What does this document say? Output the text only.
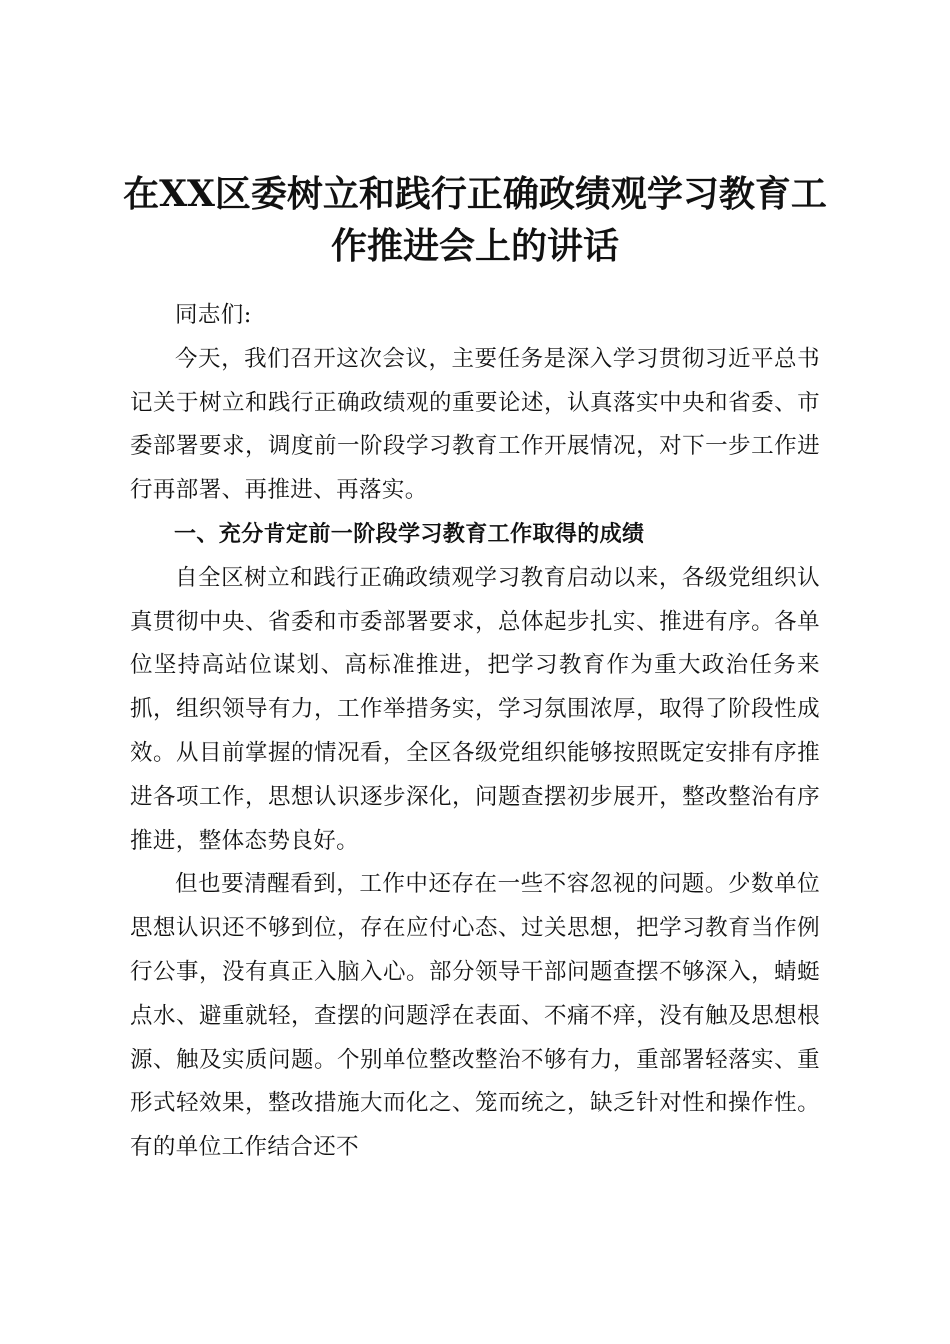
在XX区委树立和践行正确政绩观学习教育工作推进会上的讲话

同志们:

今天，我们召开这次会议，主要任务是深入学习贯彻习近平总书记关于树立和践行正确政绩观的重要论述，认真落实中央和省委、市委部署要求，调度前一阶段学习教育工作开展情况，对下一步工作进行再部署、再推进、再落实。

一、充分肯定前一阶段学习教育工作取得的成绩

自全区树立和践行正确政绩观学习教育启动以来，各级党组织认真贯彻中央、省委和市委部署要求，总体起步扎实、推进有序。各单位坚持高站位谋划、高标准推进，把学习教育作为重大政治任务来抓，组织领导有力，工作举措务实，学习氛围浓厚，取得了阶段性成效。从目前掌握的情况看，全区各级党组织能够按照既定安排有序推进各项工作，思想认识逐步深化，问题查摆初步展开，整改整治有序推进，整体态势良好。

但也要清醒看到，工作中还存在一些不容忽视的问题。少数单位思想认识还不够到位，存在应付心态、过关思想，把学习教育当作例行公事，没有真正入脑入心。部分领导干部问题查摆不够深入，蜻蜓点水、避重就轻，查摆的问题浮在表面、不痛不痒，没有触及思想根源、触及实质问题。个别单位整改整治不够有力，重部署轻落实、重形式轻效果，整改措施大而化之、笼而统之，缺乏针对性和操作性。有的单位工作结合还不
